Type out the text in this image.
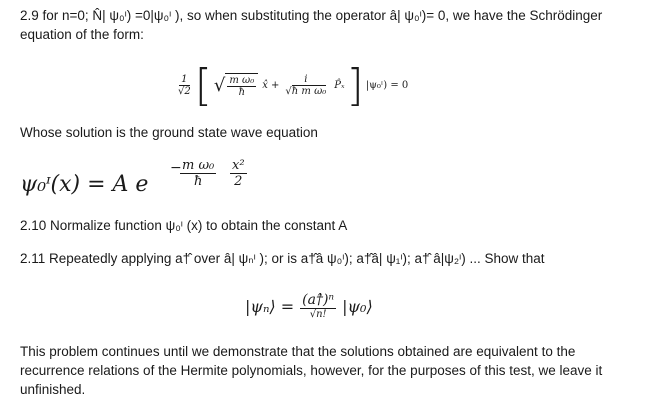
2.9 for n=0; N̂| ψ₀ᶦ) =0|ψ₀ᶦ ), so when substituting the operator â| ψ₀ᶦ)= 0, we have the Schrödinger
equation of the form:
$\frac{1}{√2}$ [ √ $\frac{\text{m ω₀}}{ħ}$ x̂ + $\frac{i}{\text{√ħ m ω₀}}$ P̂ₓ ] |ψ₀ᶦ) = 0
Whose solution is the ground state wave equation
ψ₀ᶦ(x) = A e
−
$\frac{\text{m ω₀}}{ħ} \frac{\text{x²}}{2}$
2.10 Normalize function ψ₀ᶦ (x) to obtain the constant A
2.11 Repeatedly applying a†̂ over â| ψₙᶦ ); or is a†̂â ψ₀ᶦ); a†̂â| ψ₁ᶦ); a†̂ â|ψ₂ᶦ) ... Show that
|ψₙ⟩ = $\frac{\text{(a†̂)ⁿ}}{√n!}$ |ψ₀⟩
This problem continues until we demonstrate that the solutions obtained are equivalent to the
recurrence relations of the Hermite polynomials, however, for the purposes of this test, we leave it
unfinished.
